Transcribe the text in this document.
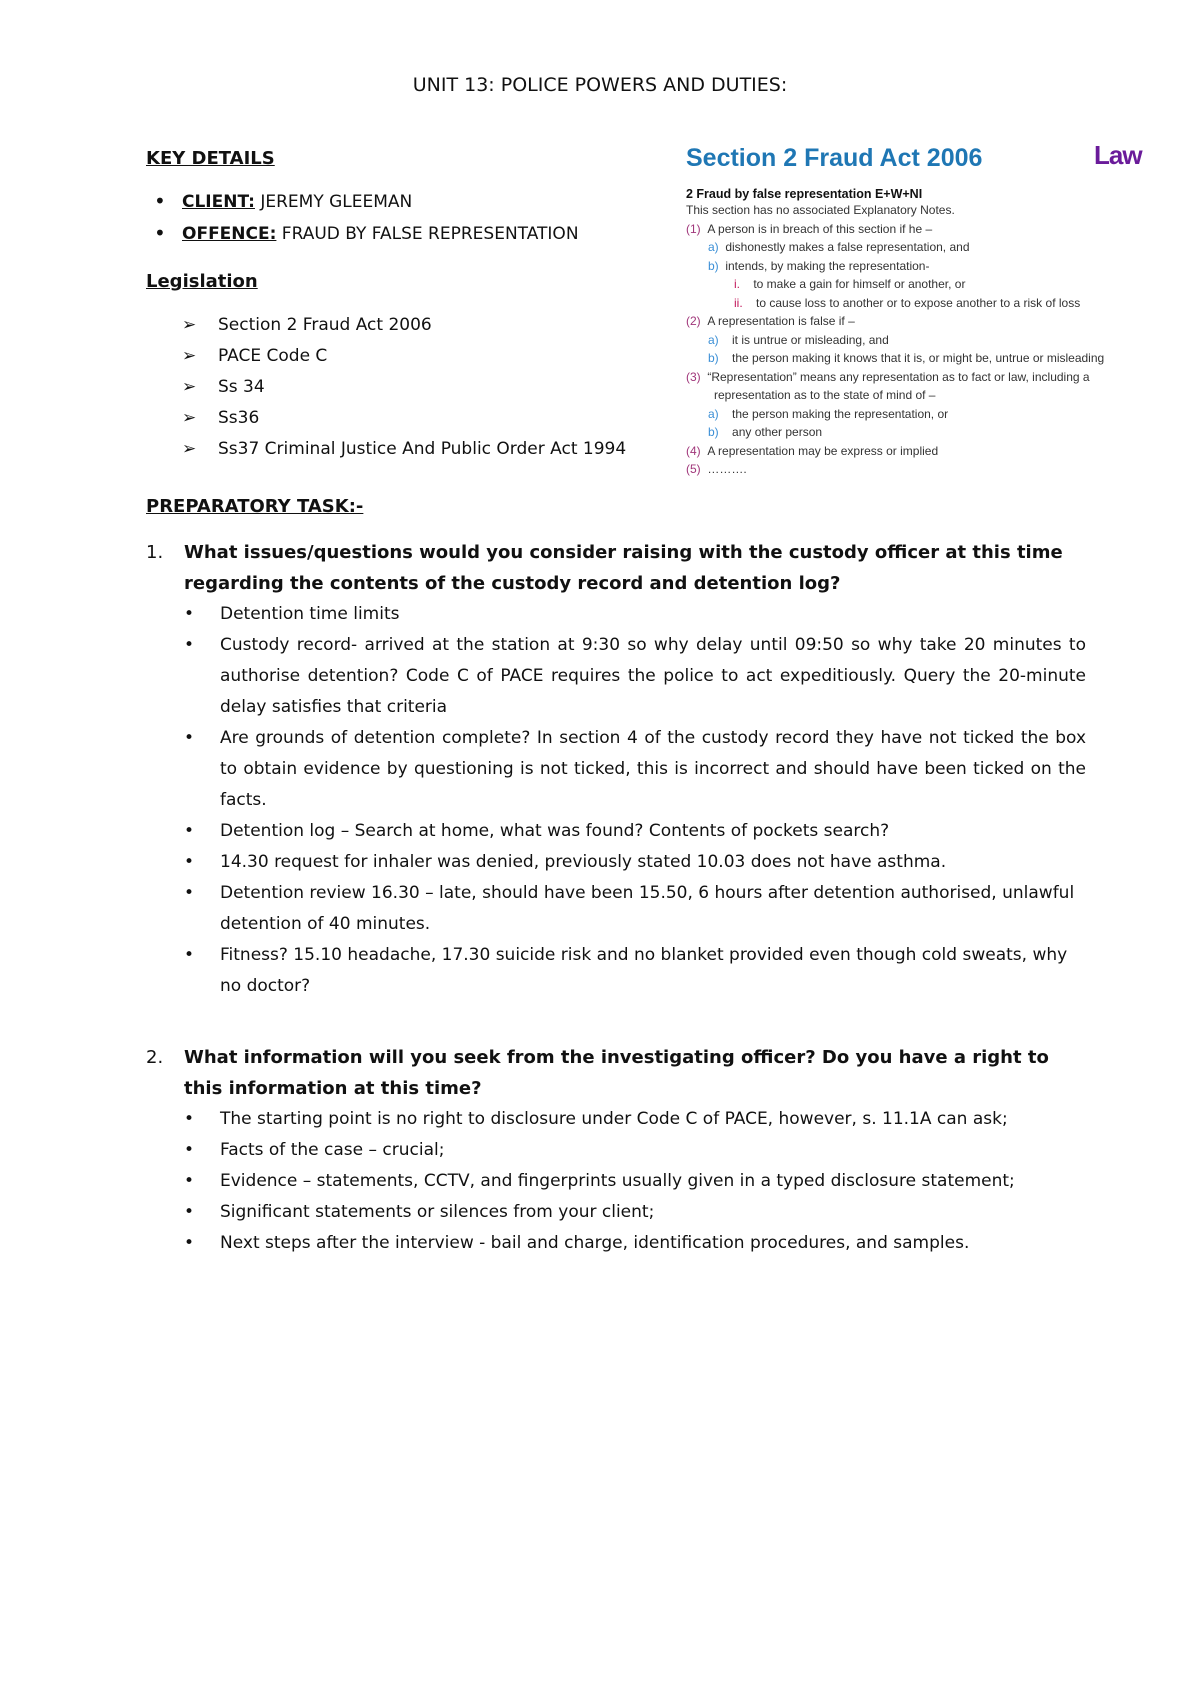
UNIT 13: POLICE POWERS AND DUTIES:

KEY DETAILS

• CLIENT: JEREMY GLEEMAN
• OFFENCE: FRAUD BY FALSE REPRESENTATION

Legislation

➢ Section 2 Fraud Act 2006
➢ PACE Code C
➢ Ss 34
➢ Ss36
➢ Ss37 Criminal Justice And Public Order Act 1994

Section 2 Fraud Act 2006	Law
2 Fraud by false representation E+W+NI
This section has no associated Explanatory Notes.
(1) A person is in breach of this section if he –
a) dishonestly makes a false representation, and
b) intends, by making the representation-
i. to make a gain for himself or another, or
ii. to cause loss to another or to expose another to a risk of loss
(2) A representation is false if –
a) it is untrue or misleading, and
b) the person making it knows that it is, or might be, untrue or misleading
(3) “Representation” means any representation as to fact or law, including a
representation as to the state of mind of –
a) the person making the representation, or
b) any other person
(4) A representation may be express or implied
(5) ……….

PREPARATORY TASK:-

1. What issues/questions would you consider raising with the custody officer at this time regarding the contents of the custody record and detention log?

• Detention time limits
• Custody record- arrived at the station at 9:30 so why delay until 09:50 so why take 20 minutes to authorise detention? Code C of PACE requires the police to act expeditiously. Query the 20-minute delay satisfies that criteria
• Are grounds of detention complete? In section 4 of the custody record they have not ticked the box to obtain evidence by questioning is not ticked, this is incorrect and should have been ticked on the facts.
• Detention log – Search at home, what was found? Contents of pockets search?
• 14.30 request for inhaler was denied, previously stated 10.03 does not have asthma.
• Detention review 16.30 – late, should have been 15.50, 6 hours after detention authorised, unlawful detention of 40 minutes.
• Fitness? 15.10 headache, 17.30 suicide risk and no blanket provided even though cold sweats, why no doctor?

2. What information will you seek from the investigating officer? Do you have a right to this information at this time?

• The starting point is no right to disclosure under Code C of PACE, however, s. 11.1A can ask;
• Facts of the case – crucial;
• Evidence – statements, CCTV, and fingerprints usually given in a typed disclosure statement;
• Significant statements or silences from your client;
• Next steps after the interview - bail and charge, identification procedures, and samples.
